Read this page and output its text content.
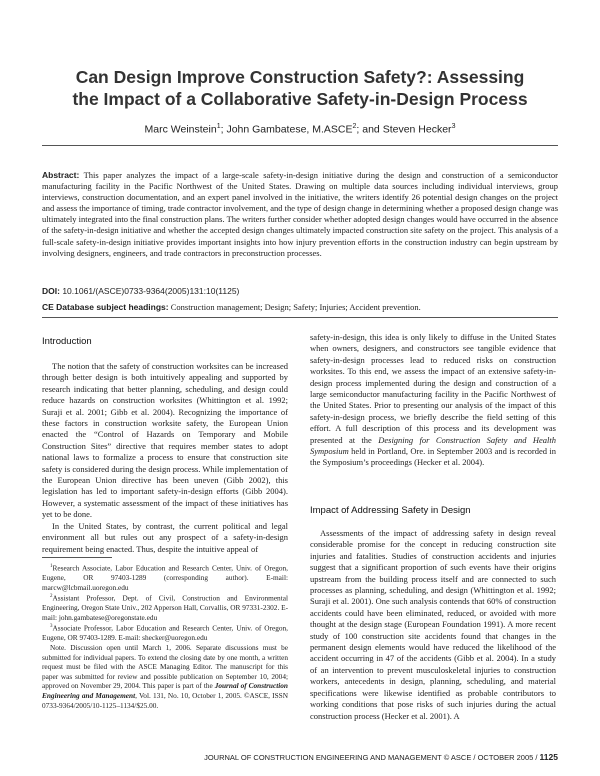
Can Design Improve Construction Safety?: Assessing
the Impact of a Collaborative Safety-in-Design Process
Marc Weinstein$^1$; John Gambatese, M.ASCE$^2$; and Steven Hecker$^3$
Abstract: This paper analyzes the impact of a large-scale safety-in-design initiative during the design and construction of a semiconductor manufacturing facility in the Pacific Northwest of the United States. Drawing on multiple data sources including individual interviews, group interviews, construction documentation, and an expert panel involved in the initiative, the writers identify 26 potential design changes on the project and assess the importance of timing, trade contractor involvement, and the type of design change in determining whether a proposed design change was ultimately integrated into the final construction plans. The writers further consider whether adopted design changes would have occurred in the absence of the safety-in-design initiative and whether the accepted design changes ultimately impacted construction site safety on the project. This analysis of a full-scale safety-in-design initiative provides important insights into how injury prevention efforts in the construction industry can begin upstream by involving designers, engineers, and trade contractors in preconstruction processes.
DOI: 10.1061/(ASCE)0733-9364(2005)131:10(1125)
CE Database subject headings: Construction management; Design; Safety; Injuries; Accident prevention.
Introduction

The notion that the safety of construction worksites can be increased through better design is both intuitively appealing and supported by research indicating that better planning, scheduling, and design could reduce hazards on construction worksites (Whittington et al. 1992; Suraji et al. 2001; Gibb et al. 2004). Recognizing the importance of these factors in construction worksite safety, the European Union enacted the “Control of Hazards on Temporary and Mobile Construction Sites” directive that requires member states to adopt national laws to formalize a process to ensure that construction site safety is considered during the design process. While implementation of the European Union directive has been uneven (Gibb 2002), this legislation has led to important safety-in-design efforts (Gibb 2004). However, a systematic assessment of the impact of these initiatives has yet to be done.

In the United States, by contrast, the current political and legal environment all but rules out any prospect of a safety-in-design requirement being enacted. Thus, despite the intuitive appeal of

$^1$Research Associate, Labor Education and Research Center, Univ. of Oregon, Eugene, OR 97403-1289 (corresponding author). E-mail: marcw@lcbmail.uoregon.edu

$^2$Assistant Professor, Dept. of Civil, Construction and Environmental Engineering, Oregon State Univ., 202 Apperson Hall, Corvallis, OR 97331-2302. E-mail: john.gambatese@oregonstate.edu

$^3$Associate Professor, Labor Education and Research Center, Univ. of Oregon, Eugene, OR 97403-1289. E-mail: shecker@uoregon.edu

Note. Discussion open until March 1, 2006. Separate discussions must be submitted for individual papers. To extend the closing date by one month, a written request must be filed with the ASCE Managing Editor. The manuscript for this paper was submitted for review and possible publication on September 10, 2004; approved on November 29, 2004. This paper is part of the Journal of Construction Engineering and Management, Vol. 131, No. 10, October 1, 2005. ©ASCE, ISSN 0733-9364/2005/10-1125–1134/$25.00.

safety-in-design, this idea is only likely to diffuse in the United States when owners, designers, and constructors see tangible evidence that safety-in-design processes lead to reduced risks on construction worksites. To this end, we assess the impact of an extensive safety-in-design process implemented during the design and construction of a large semiconductor manufacturing facility in the Pacific Northwest of the United States. Prior to presenting our analysis of the impact of this safety-in-design process, we briefly describe the field setting of this effort. A full description of this process and its development was presented at the Designing for Construction Safety and Health Symposium held in Portland, Ore. in September 2003 and is recorded in the Symposium’s proceedings (Hecker et al. 2004).

Impact of Addressing Safety in Design

Assessments of the impact of addressing safety in design reveal considerable promise for the concept in reducing construction site injuries and fatalities. Studies of construction accidents and injuries suggest that a significant proportion of such events have their origins upstream from the building process itself and are connected to such processes as planning, scheduling, and design (Whittington et al. 1992; Suraji et al. 2001). One such analysis contends that 60% of construction accidents could have been eliminated, reduced, or avoided with more thought at the design stage (European Foundation 1991). A more recent study of 100 construction site accidents found that changes in the permanent design elements would have reduced the likelihood of the accident occurring in 47 of the accidents (Gibb et al. 2004). In a study of an intervention to prevent musculoskeletal injuries to construction workers, antecedents in design, planning, scheduling, and material specifications were likewise identified as probable contributors to working conditions that pose risks of such injuries during the actual construction process (Hecker et al. 2001). A

JOURNAL OF CONSTRUCTION ENGINEERING AND MANAGEMENT © ASCE / OCTOBER 2005 / 1125
